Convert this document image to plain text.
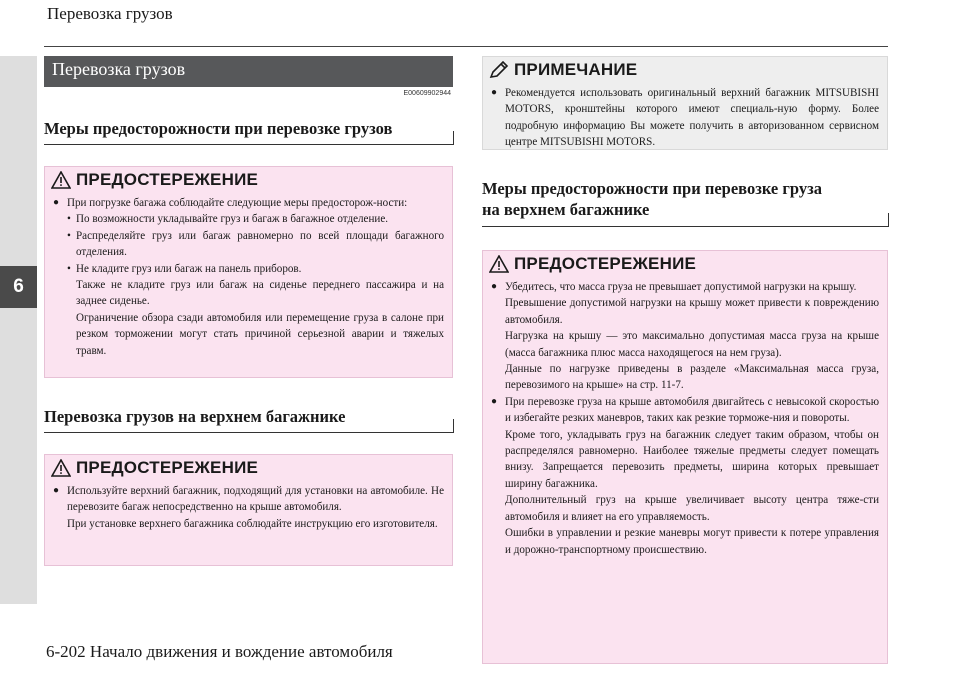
Перевозка грузов
6
Перевозка грузов
E00609902944
Меры предосторожности при перевозке грузов
ПРЕДОСТЕРЕЖЕНИЕ
● При погрузке багажа соблюдайте следующие меры предосторож-ности:
• По возможности укладывайте груз и багаж в багажное отделение.
• Распределяйте груз или багаж равномерно по всей площади багажного отделения.
• Не кладите груз или багаж на панель приборов.
Также не кладите груз или багаж на сиденье переднего пассажира и на заднее сиденье.
Ограничение обзора сзади автомобиля или перемещение груза в салоне при резком торможении могут стать причиной серьезной аварии и тяжелых травм.
Перевозка грузов на верхнем багажнике
ПРЕДОСТЕРЕЖЕНИЕ
● Используйте верхний багажник, подходящий для установки на автомобиле. Не перевозите багаж непосредственно на крыше автомобиля.
При установке верхнего багажника соблюдайте инструкцию его изготовителя.
ПРИМЕЧАНИЕ
● Рекомендуется использовать оригинальный верхний багажник MITSUBISHI MOTORS, кронштейны которого имеют специаль-ную форму. Более подробную информацию Вы можете получить в авторизованном сервисном центре MITSUBISHI MOTORS.
Меры предосторожности при перевозке груза
на верхнем багажнике
ПРЕДОСТЕРЕЖЕНИЕ
● Убедитесь, что масса груза не превышает допустимой нагрузки на крышу.
Превышение допустимой нагрузки на крышу может привести к повреждению автомобиля.
Нагрузка на крышу — это максимально допустимая масса груза на крыше (масса багажника плюс масса находящегося на нем груза).
Данные по нагрузке приведены в разделе «Максимальная масса груза, перевозимого на крыше» на стр. 11-7.
● При перевозке груза на крыше автомобиля двигайтесь с невысокой скоростью и избегайте резких маневров, таких как резкие торможе-ния и повороты.
Кроме того, укладывать груз на багажник следует таким образом, чтобы он распределялся равномерно. Наиболее тяжелые предметы следует помещать внизу. Запрещается перевозить предметы, ширина которых превышает ширину багажника.
Дополнительный груз на крыше увеличивает высоту центра тяже-сти автомобиля и влияет на его управляемость.
Ошибки в управлении и резкие маневры могут привести к потере управления и дорожно-транспортному происшествию.
6-202 Начало движения и вождение автомобиля
